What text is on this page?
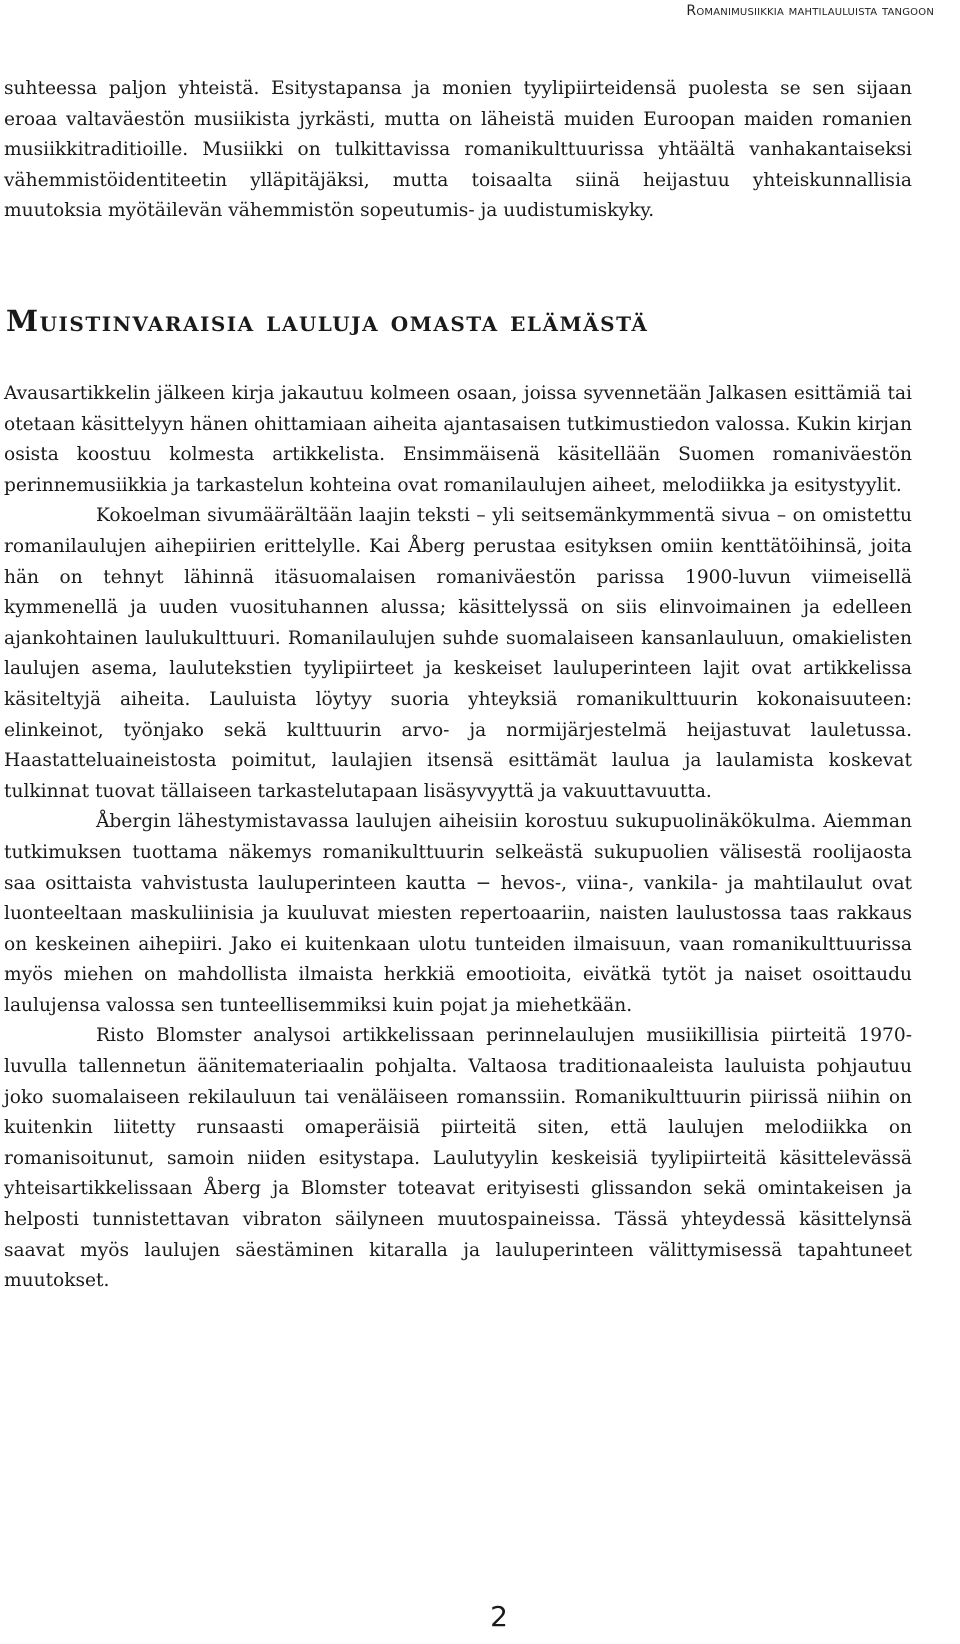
Romanimusiikkia mahtilauluista tangoon

suhteessa paljon yhteistä. Esitystapansa ja monien tyylipiirteidensä puolesta se sen sijaan eroaa valtaväestön musiikista jyrkästi, mutta on läheistä muiden Euroopan maiden romanien musiikkitraditioille. Musiikki on tulkittavissa romanikulttuurissa yhtäältä vanhakantaiseksi vähemmistöidentiteetin ylläpitäjäksi, mutta toisaalta siinä heijastuu yhteiskunnallisia muutoksia myötäilevän vähemmistön sopeutumis- ja uudistumiskyky.

Muistinvaraisia lauluja omasta elämästä

Avausartikkelin jälkeen kirja jakautuu kolmeen osaan, joissa syvennetään Jalkasen esittämiä tai otetaan käsittelyyn hänen ohittamiaan aiheita ajantasaisen tutkimustiedon valossa. Kukin kirjan osista koostuu kolmesta artikkelista. Ensimmäisenä käsitellään Suomen romaniväestön perinnemusiikkia ja tarkastelun kohteina ovat romanilaulujen aiheet, melodiikka ja esitystyylit.

Kokoelman sivumäärältään laajin teksti – yli seitsemänkymmentä sivua – on omistettu romanilaulujen aihepiirien erittelylle. Kai Åberg perustaa esityksen omiin kenttätöihinsä, joita hän on tehnyt lähinnä itäsuomalaisen romaniväestön parissa 1900-luvun viimeisellä kymmenellä ja uuden vuosituhannen alussa; käsittelyssä on siis elinvoimainen ja edelleen ajankohtainen laulukulttuuri. Romanilaulujen suhde suomalaiseen kansanlauluun, omakielisten laulujen asema, laulutekstien tyylipiirteet ja keskeiset lauluperinteen lajit ovat artikkelissa käsiteltyjä aiheita. Lauluista löytyy suoria yhteyksiä romanikulttuurin kokonaisuuteen: elinkeinot, työnjako sekä kulttuurin arvo- ja normijärjestelmä heijastuvat lauletussa. Haastatteluaineistosta poimitut, laulajien itsensä esittämät laulua ja laulamista koskevat tulkinnat tuovat tällaiseen tarkastelutapaan lisäsyvyyttä ja vakuuttavuutta.

Åbergin lähestymistavassa laulujen aiheisiin korostuu sukupuolinäkökulma. Aiemman tutkimuksen tuottama näkemys romanikulttuurin selkeästä sukupuolien välisestä roolijaosta saa osittaista vahvistusta lauluperinteen kautta − hevos-, viina-, vankila- ja mahtilaulut ovat luonteeltaan maskuliinisia ja kuuluvat miesten repertoaariin, naisten laulustossa taas rakkaus on keskeinen aihepiiri. Jako ei kuitenkaan ulotu tunteiden ilmaisuun, vaan romanikulttuurissa myös miehen on mahdollista ilmaista herkkiä emootioita, eivätkä tytöt ja naiset osoittaudu laulujensa valossa sen tunteellisemmiksi kuin pojat ja miehetkään.

Risto Blomster analysoi artikkelissaan perinnelaulujen musiikillisia piirteitä 1970-luvulla tallennetun äänitemateriaalin pohjalta. Valtaosa traditionaaleista lauluista pohjautuu joko suomalaiseen rekilauluun tai venäläiseen romanssiin. Romanikulttuurin piirissä niihin on kuitenkin liitetty runsaasti omaperäisiä piirteitä siten, että laulujen melodiikka on romanisoitunut, samoin niiden esitystapa. Laulutyylin keskeisiä tyylipiirteitä käsittelevässä yhteisartikkelissaan Åberg ja Blomster toteavat erityisesti glissandon sekä omintakeisen ja helposti tunnistettavan vibraton säilyneen muutospaineissa. Tässä yhteydessä käsittelynsä saavat myös laulujen säestäminen kitaralla ja lauluperinteen välittymisessä tapahtuneet muutokset.

2
